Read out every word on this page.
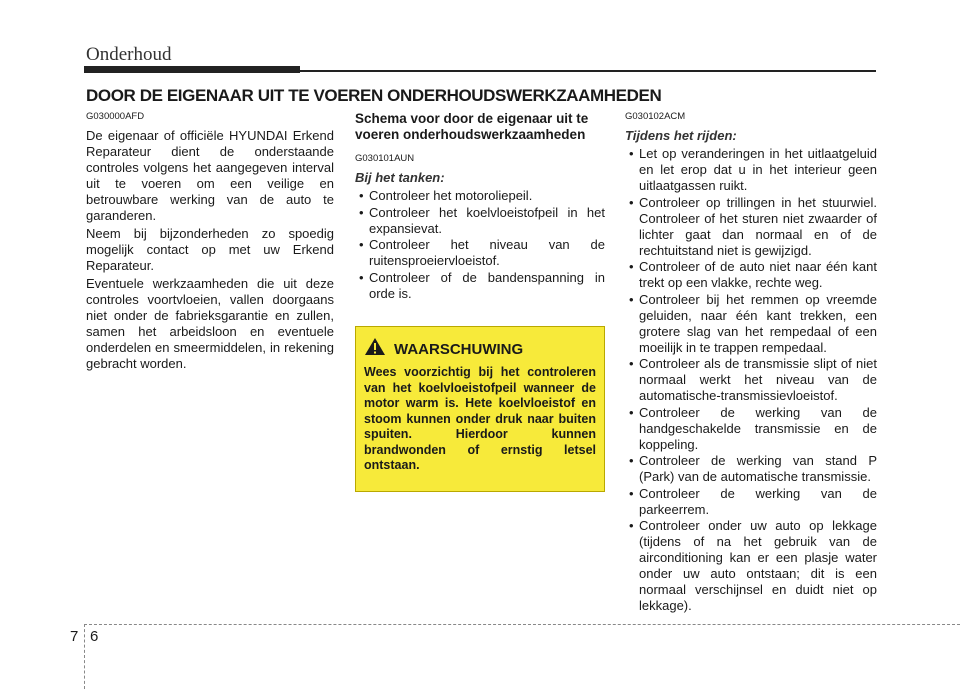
Onderhoud
DOOR DE EIGENAAR UIT TE VOEREN ONDERHOUDSWERKZAAMHEDEN
G030000AFD

De eigenaar of officiële HYUNDAI Erkend Reparateur dient de onderstaande controles volgens het aangegeven interval uit te voeren om een veilige en betrouwbare werking van de auto te garanderen.

Neem bij bijzonderheden zo spoedig mogelijk contact op met uw Erkend Reparateur.

Eventuele werkzaamheden die uit deze controles voortvloeien, vallen doorgaans niet onder de fabrieksgarantie en zullen, samen het arbeidsloon en eventuele onderdelen en smeermiddelen, in rekening gebracht worden.

Schema voor door de eigenaar uit te voeren onderhoudswerkzaamheden
G030101AUN
Bij het tanken:
• Controleer het motoroliepeil.
• Controleer het koelvloeistofpeil in het expansievat.
• Controleer het niveau van de ruitensproeiervloeistof.
• Controleer of de bandenspanning in orde is.
WAARSCHUWING
Wees voorzichtig bij het controleren van het koelvloeistofpeil wanneer de motor warm is. Hete koelvloeistof en stoom kunnen onder druk naar buiten spuiten. Hierdoor kunnen brandwonden of ernstig letsel ontstaan.
G030102ACM
Tijdens het rijden:
• Let op veranderingen in het uitlaatgeluid en let erop dat u in het interieur geen uitlaatgassen ruikt.
• Controleer op trillingen in het stuurwiel. Controleer of het sturen niet zwaarder of lichter gaat dan normaal en of de rechtuitstand niet is gewijzigd.
• Controleer of de auto niet naar één kant trekt op een vlakke, rechte weg.
• Controleer bij het remmen op vreemde geluiden, naar één kant trekken, een grotere slag van het rempedaal of een moeilijk in te trappen rempedaal.
• Controleer als de transmissie slipt of niet normaal werkt het niveau van de automatische-transmissievloeistof.
• Controleer de werking van de handgeschakelde transmissie en de koppeling.
• Controleer de werking van stand P (Park) van de automatische transmissie.
• Controleer de werking van de parkeerrem.
• Controleer onder uw auto op lekkage (tijdens of na het gebruik van de airconditioning kan er een plasje water onder uw auto ontstaan; dit is een normaal verschijnsel en duidt niet op lekkage).
7 6
